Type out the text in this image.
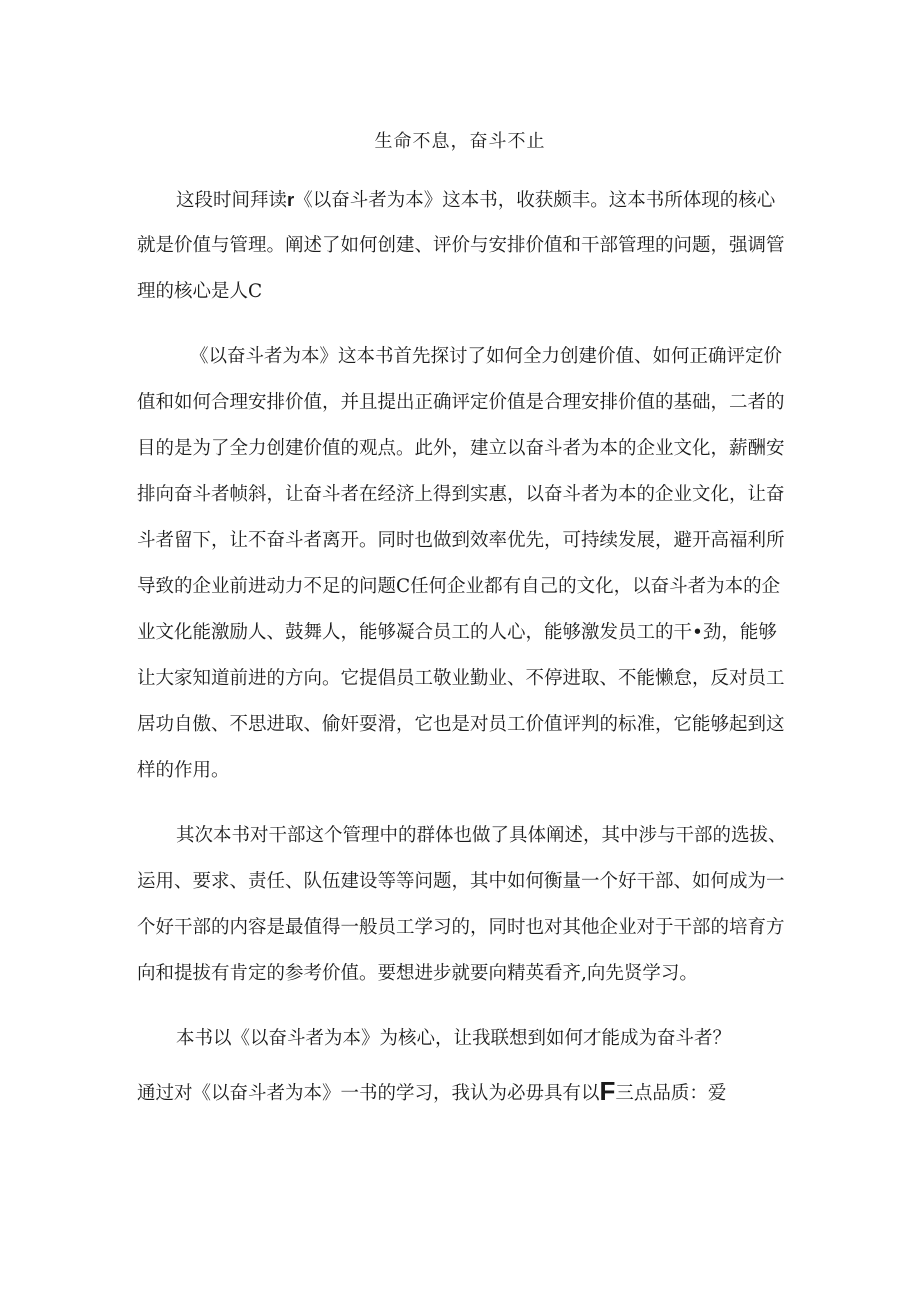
生命不息，奋斗不止
这段时间拜读r《以奋斗者为本》这本书，收获颇丰。这本书所体现的核心
就是价值与管理。阐述了如何创建、评价与安排价值和干部管理的问题，强调管
理的核心是人C
《以奋斗者为本》这本书首先探讨了如何全力创建价值、如何正确评定价
值和如何合理安排价值，并且提出正确评定价值是合理安排价值的基础，二者的
目的是为了全力创建价值的观点。此外，建立以奋斗者为本的企业文化，薪酬安
排向奋斗者帧斜，让奋斗者在经济上得到实惠，以奋斗者为本的企业文化，让奋
斗者留下，让不奋斗者离开。同时也做到效率优先，可持续发展，避开高福利所
导致的企业前进动力不足的问题C任何企业都有自己的文化，以奋斗者为本的企
业文化能激励人、鼓舞人，能够凝合员工的人心，能够激发员工的干•劲，能够
让大家知道前进的方向。它提倡员工敬业勤业、不停进取、不能懒怠，反对员工
居功自傲、不思进取、偷奸耍滑，它也是对员工价值评判的标准，它能够起到这
样的作用。
其次本书对干部这个管理中的群体也做了具体阐述，其中涉与干部的选拔、
运用、要求、责任、队伍建设等等问题，其中如何衡量一个好干部、如何成为一
个好干部的内容是最值得一般员工学习的，同时也对其他企业对于干部的培育方
向和提拔有肯定的参考价值。要想进步就要向精英看齐,向先贤学习。
本书以《以奋斗者为本》为核心，让我联想到如何才能成为奋斗者？
通过对《以奋斗者为本》一书的学习，我认为必毋具有以F三点品质：爱
